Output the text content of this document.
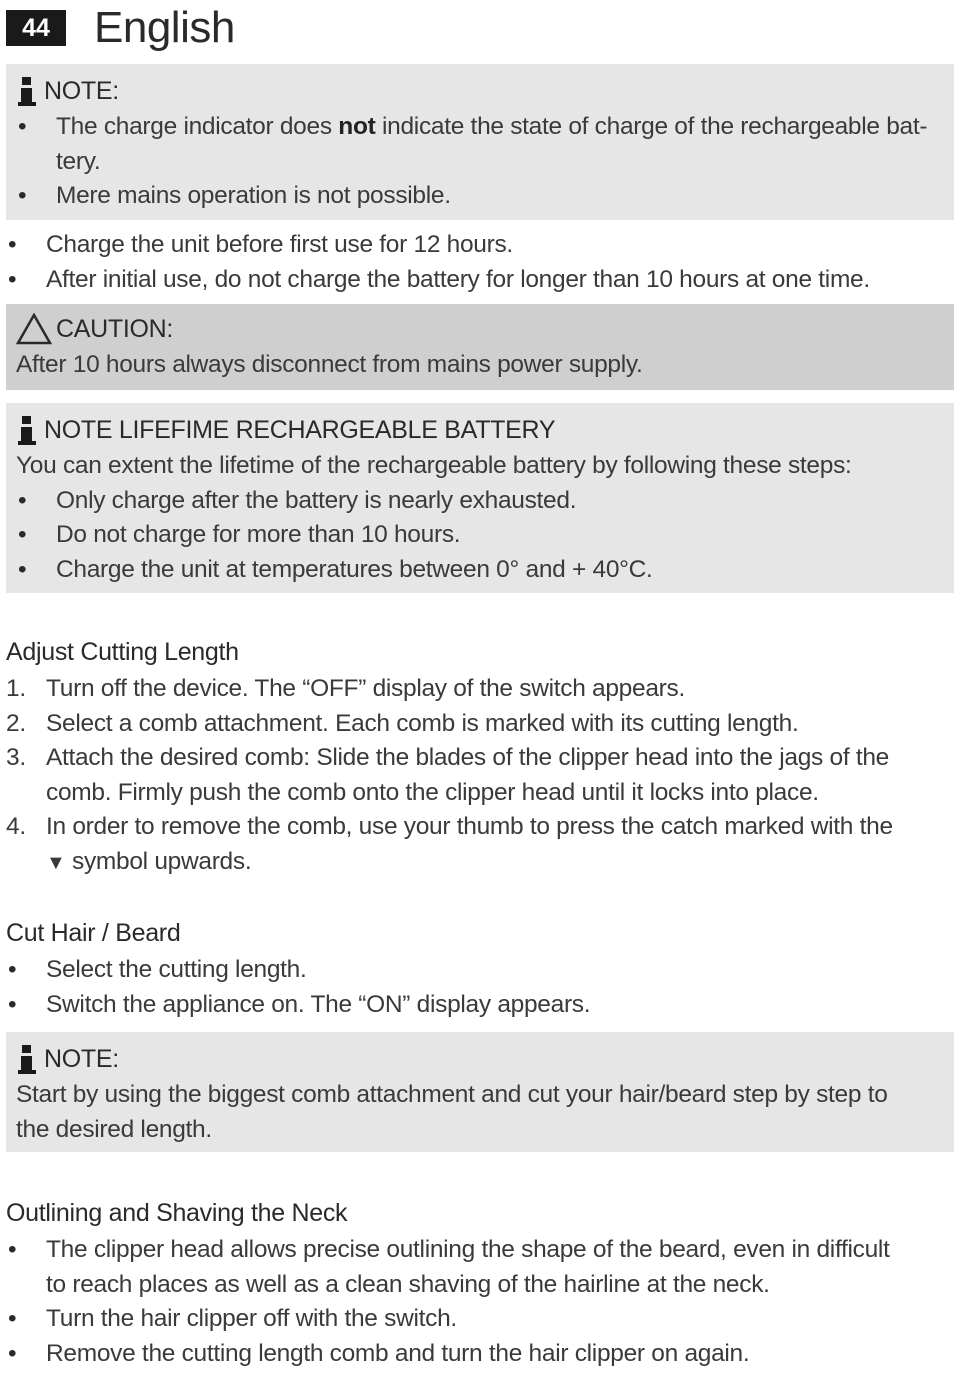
44	English
NOTE:
• The charge indicator does not indicate the state of charge of the rechargeable bat-
tery.
• Mere mains operation is not possible.
• Charge the unit before first use for 12 hours.
• After initial use, do not charge the battery for longer than 10 hours at one time.
CAUTION:
After 10 hours always disconnect from mains power supply.
NOTE LIFEFIME RECHARGEABLE BATTERY
You can extent the lifetime of the rechargeable battery by following these steps:
• Only charge after the battery is nearly exhausted.
• Do not charge for more than 10 hours.
• Charge the unit at temperatures between 0° and + 40°C.
Adjust Cutting Length
1. Turn off the device. The “OFF” display of the switch appears.
2. Select a comb attachment. Each comb is marked with its cutting length.
3. Attach the desired comb: Slide the blades of the clipper head into the jags of the comb. Firmly push the comb onto the clipper head until it locks into place.
4. In order to remove the comb, use your thumb to press the catch marked with the
▼ symbol upwards.
Cut Hair / Beard
• Select the cutting length.
• Switch the appliance on. The “ON” display appears.
NOTE:
Start by using the biggest comb attachment and cut your hair/beard step by step to the desired length.
Outlining and Shaving the Neck
• The clipper head allows precise outlining the shape of the beard, even in difficult to reach places as well as a clean shaving of the hairline at the neck.
• Turn the hair clipper off with the switch.
• Remove the cutting length comb and turn the hair clipper on again.
